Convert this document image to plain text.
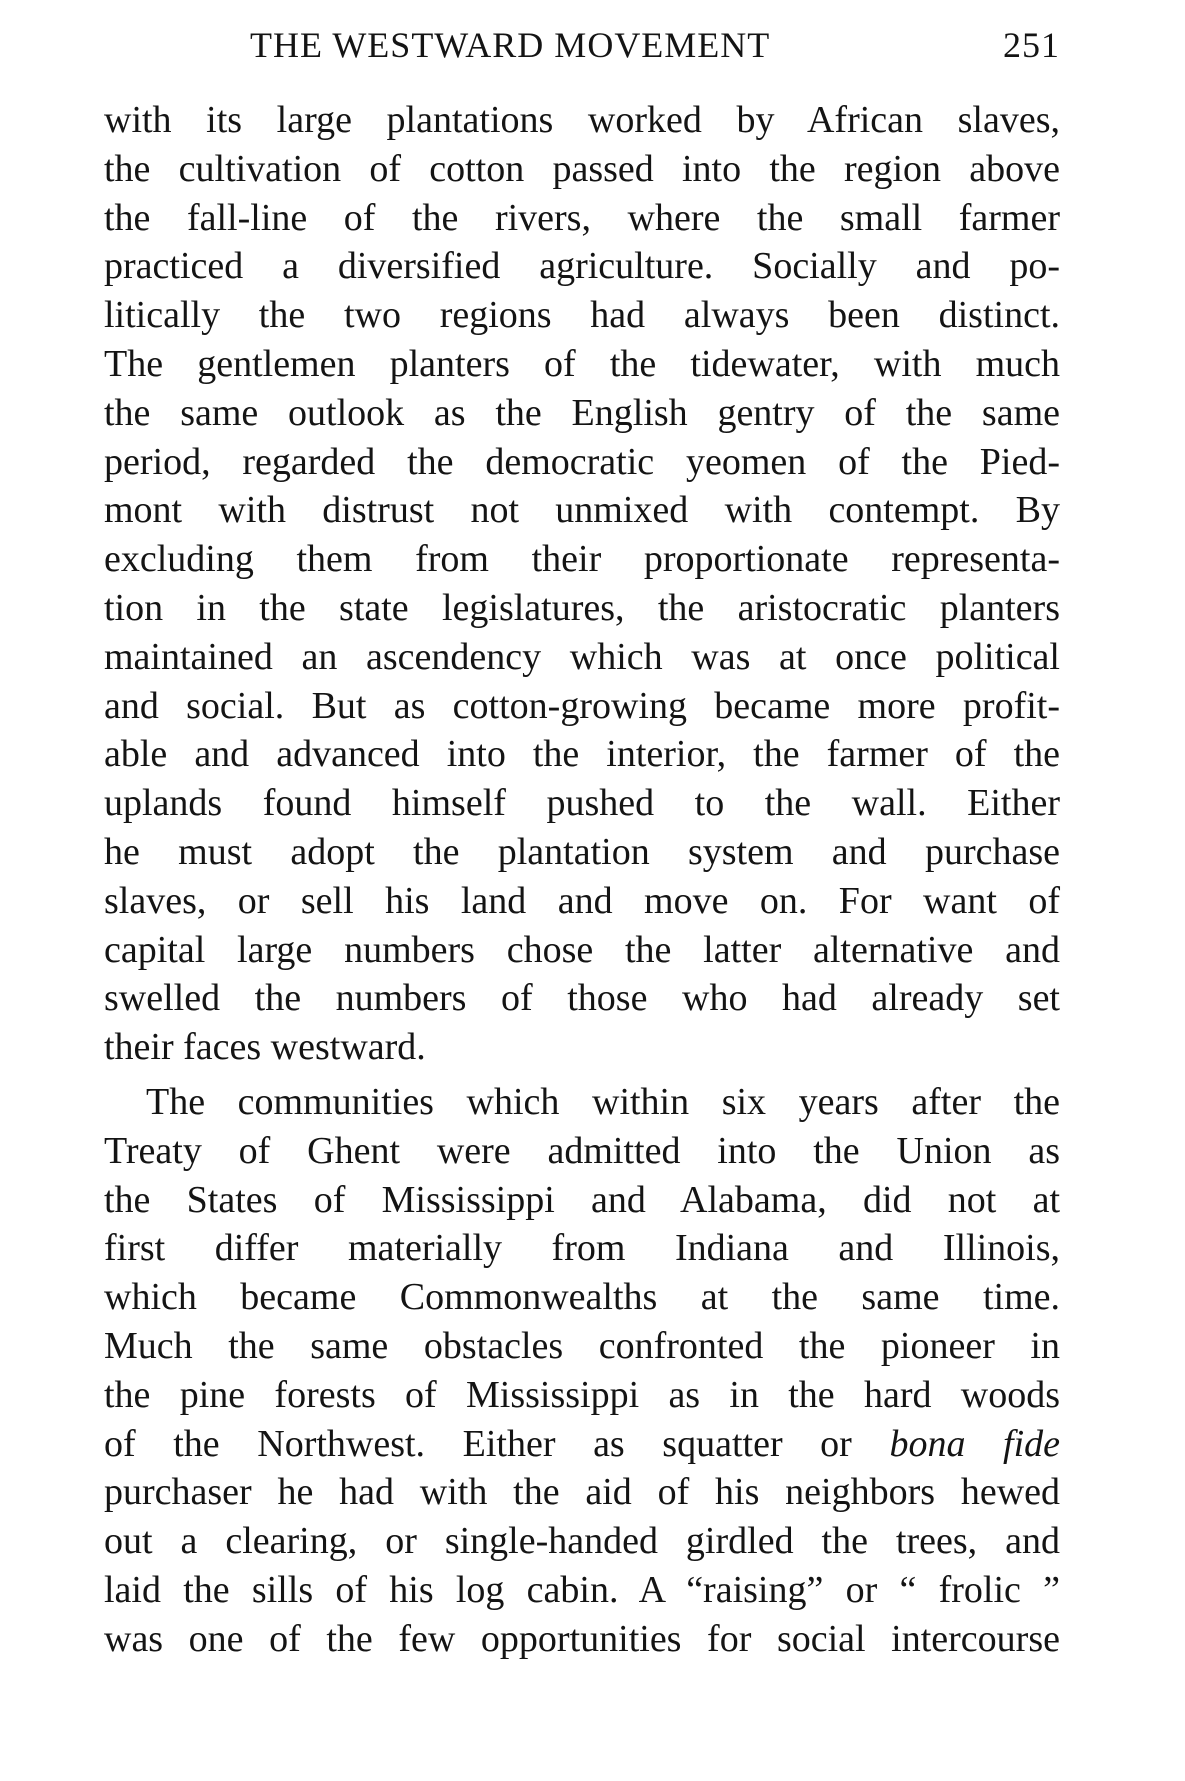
THE WESTWARD MOVEMENT	251
with its large plantations worked by African slaves,
the cultivation of cotton passed into the region above
the fall-line of the rivers, where the small farmer
practiced a diversified agriculture. Socially and po-
litically the two regions had always been distinct.
The gentlemen planters of the tidewater, with much
the same outlook as the English gentry of the same
period, regarded the democratic yeomen of the Pied-
mont with distrust not unmixed with contempt. By
excluding them from their proportionate representa-
tion in the state legislatures, the aristocratic planters
maintained an ascendency which was at once political
and social. But as cotton-growing became more profit-
able and advanced into the interior, the farmer of the
uplands found himself pushed to the wall. Either
he must adopt the plantation system and purchase
slaves, or sell his land and move on. For want of
capital large numbers chose the latter alternative and
swelled the numbers of those who had already set
their faces westward.
The communities which within six years after the
Treaty of Ghent were admitted into the Union as
the States of Mississippi and Alabama, did not at
first differ materially from Indiana and Illinois,
which became Commonwealths at the same time.
Much the same obstacles confronted the pioneer in
the pine forests of Mississippi as in the hard woods
of the Northwest. Either as squatter or bona fide
purchaser he had with the aid of his neighbors hewed
out a clearing, or single-handed girdled the trees, and
laid the sills of his log cabin. A “raising” or “ frolic ”
was one of the few opportunities for social intercourse
